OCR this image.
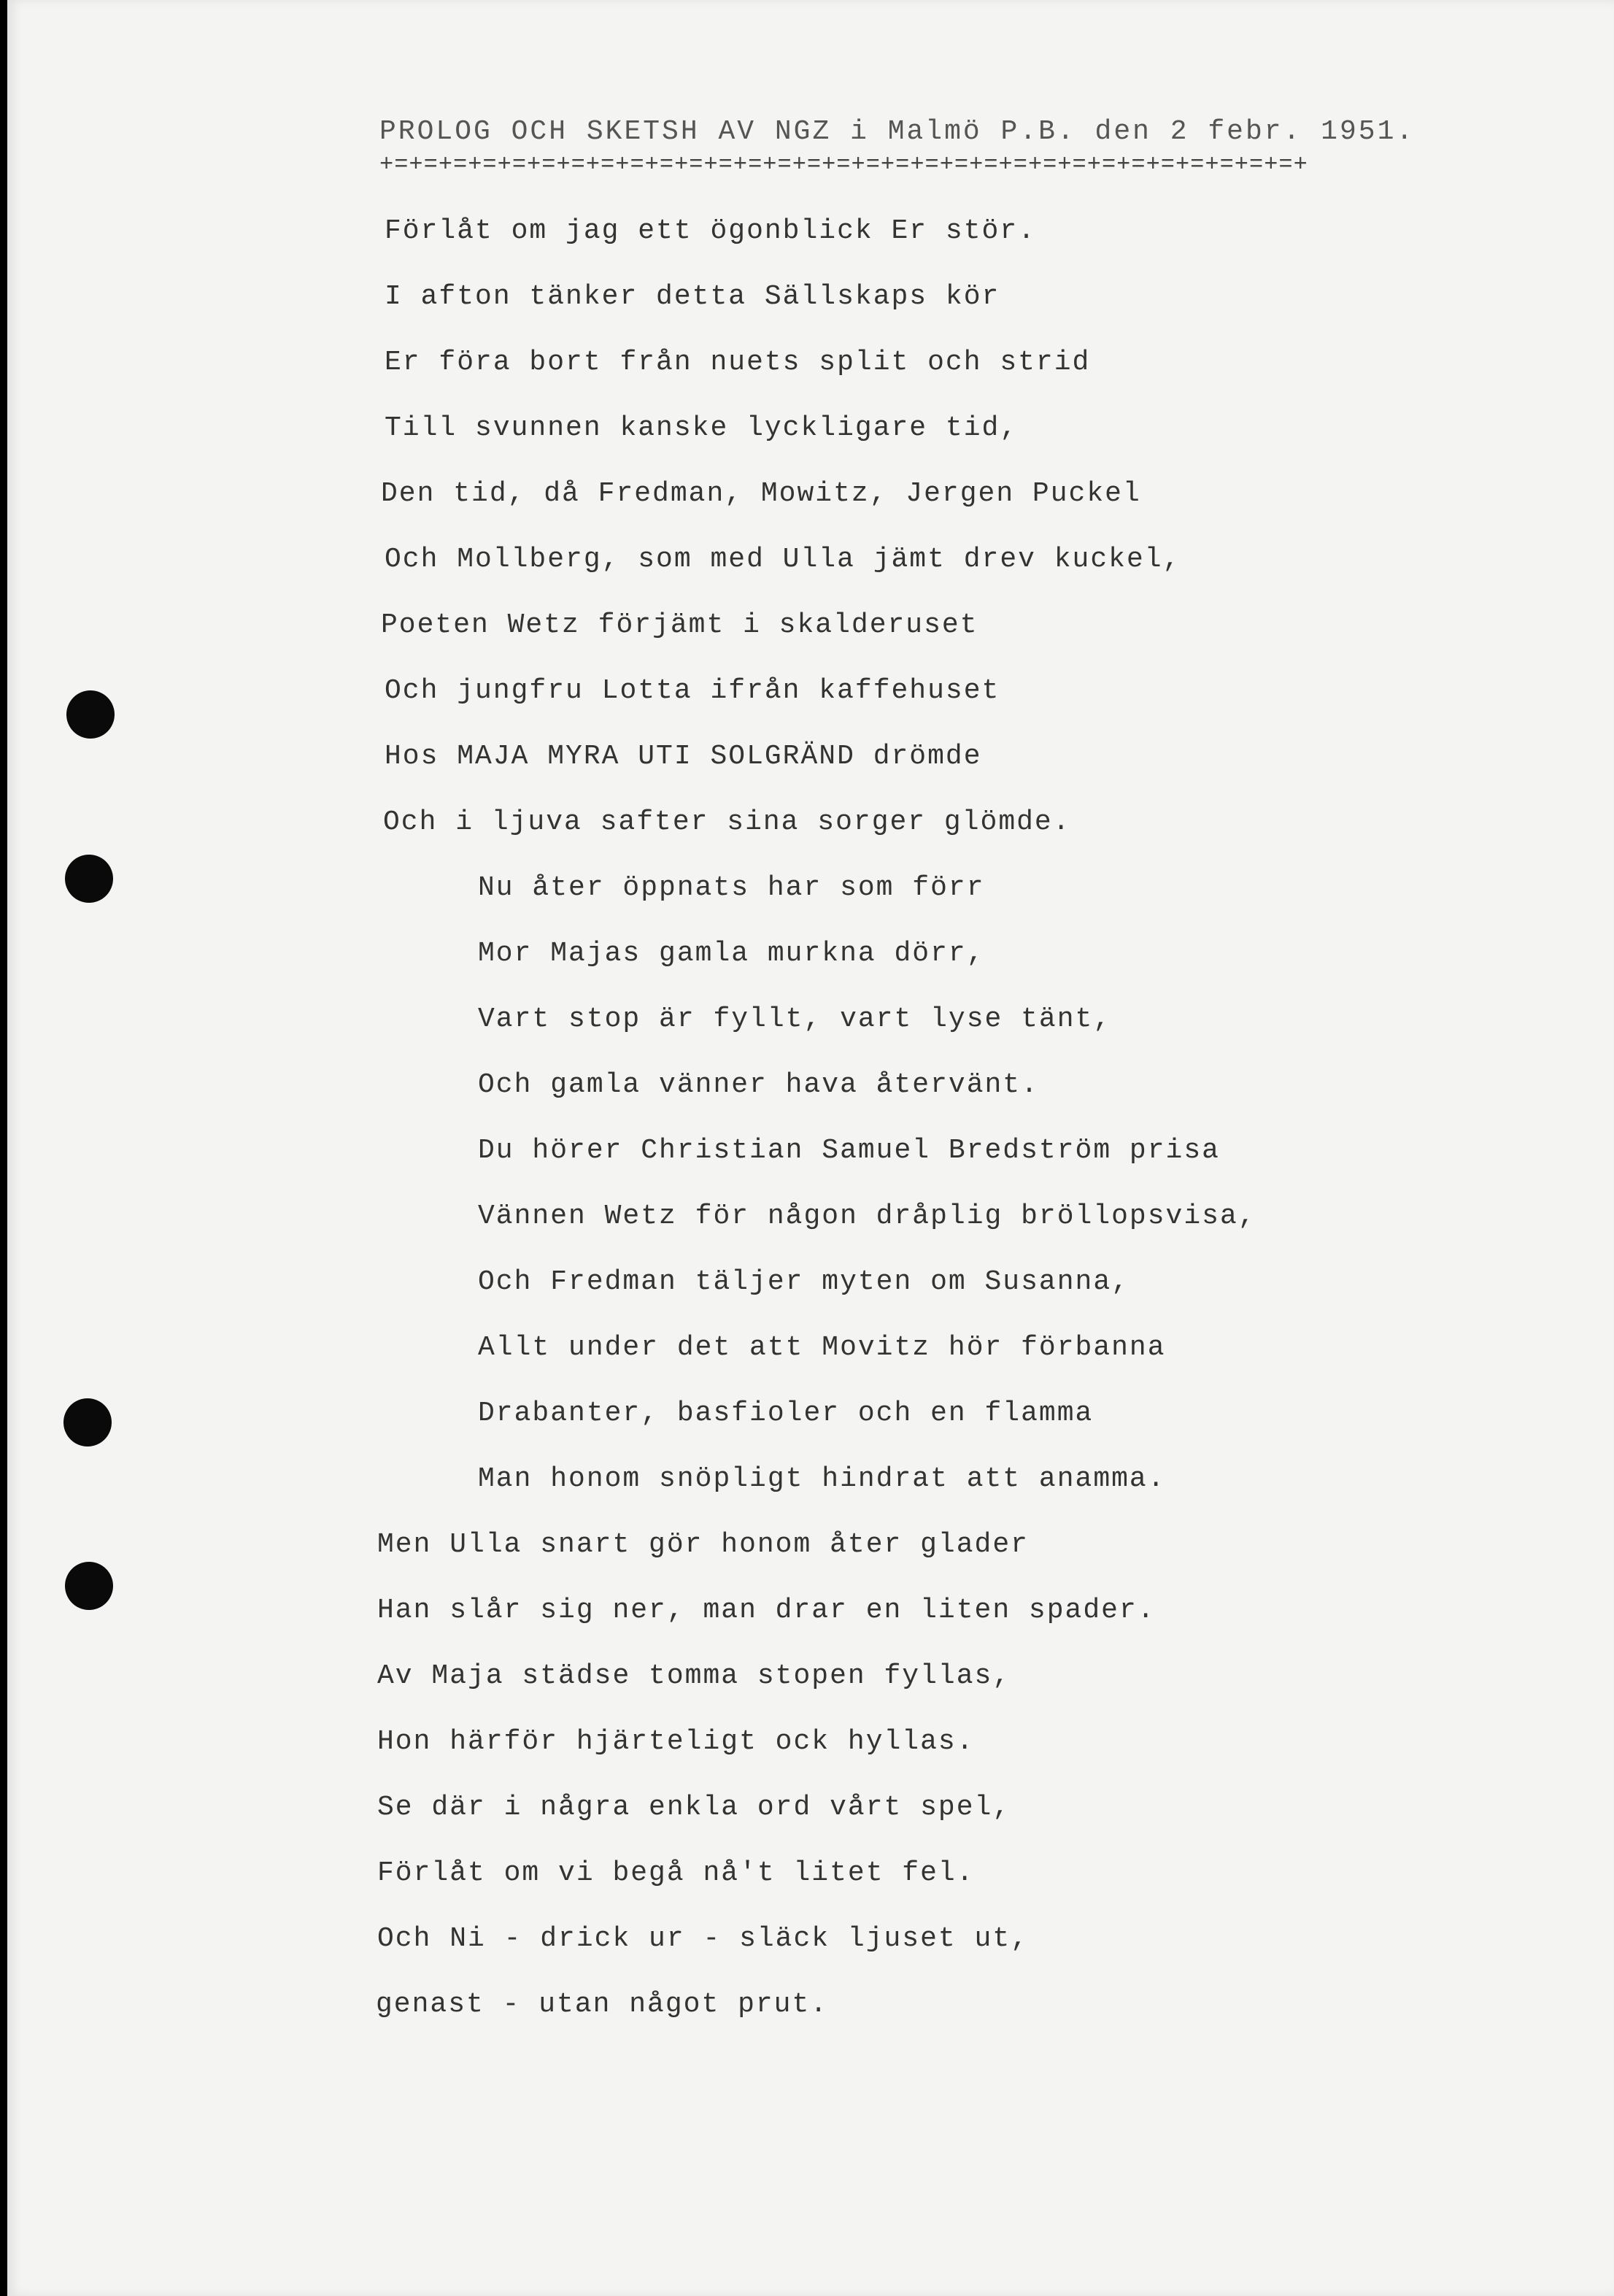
PROLOG OCH SKETSH AV NGZ i Malmö P.B. den 2 febr. 1951.

+=+=+=+=+=+=+=+=+=+=+=+=+=+=+=+=+=+=+=+=+=+=+=+=+=+=+=+=+=+=+=+

Förlåt om jag ett ögonblick Er stör.

I afton tänker detta Sällskaps kör

Er föra bort från nuets split och strid

Till svunnen kanske lyckligare tid,

Den tid, då Fredman, Mowitz, Jergen Puckel

Och Mollberg, som med Ulla jämt drev kuckel,

Poeten Wetz förjämt i skalderuset

Och jungfru Lotta ifrån kaffehuset

Hos MAJA MYRA UTI SOLGRÄND drömde

Och i ljuva safter sina sorger glömde.

Nu åter öppnats har som förr

Mor Majas gamla murkna dörr,

Vart stop är fyllt, vart lyse tänt,

Och gamla vänner hava återvänt.

Du hörer Christian Samuel Bredström prisa

Vännen Wetz för någon dråplig bröllopsvisa,

Och Fredman täljer myten om Susanna,

Allt under det att Movitz hör förbanna

Drabanter, basfioler och en flamma

Man honom snöpligt hindrat att anamma.

Men Ulla snart gör honom åter glader

Han slår sig ner, man drar en liten spader.

Av Maja städse tomma stopen fyllas,

Hon härför hjärteligt ock hyllas.

Se där i några enkla ord vårt spel,

Förlåt om vi begå nå't litet fel.

Och Ni - drick ur - släck ljuset ut,

genast - utan något prut.
